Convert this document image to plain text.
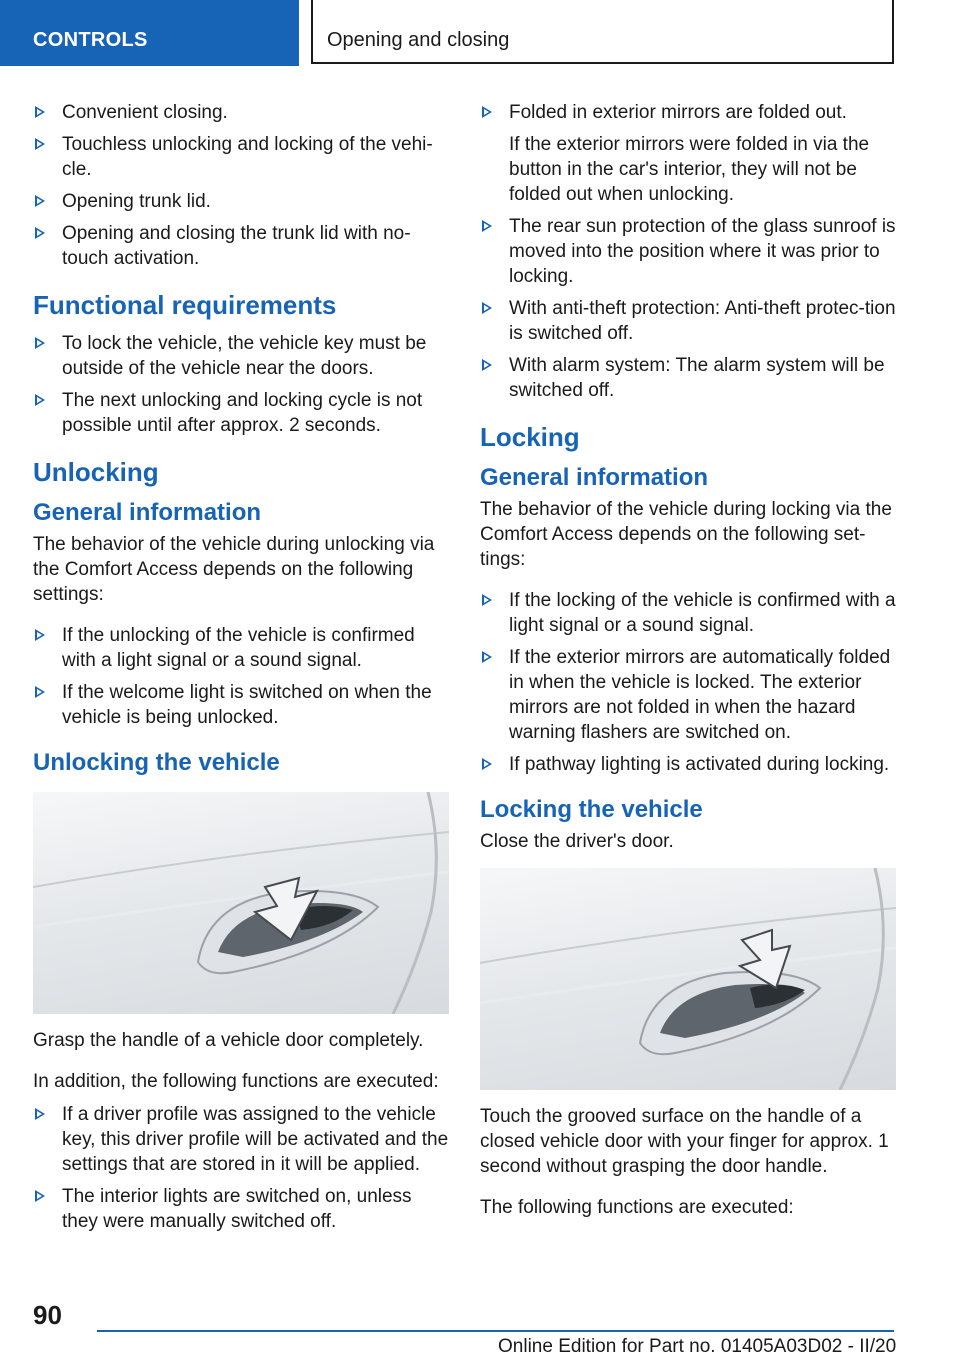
CONTROLS	Opening and closing
Convenient closing.
Touchless unlocking and locking of the vehi-cle.
Opening trunk lid.
Opening and closing the trunk lid with no-touch activation.
Functional requirements
To lock the vehicle, the vehicle key must be outside of the vehicle near the doors.
The next unlocking and locking cycle is not possible until after approx. 2 seconds.
Unlocking
General information

The behavior of the vehicle during unlocking via the Comfort Access depends on the following settings:

If the unlocking of the vehicle is confirmed with a light signal or a sound signal.
If the welcome light is switched on when the vehicle is being unlocked.
Unlocking the vehicle

Grasp the handle of a vehicle door completely.

In addition, the following functions are executed:

If a driver profile was assigned to the vehicle key, this driver profile will be activated and the settings that are stored in it will be applied.
The interior lights are switched on, unless they were manually switched off.
Folded in exterior mirrors are folded out.
If the exterior mirrors were folded in via the button in the car's interior, they will not be folded out when unlocking.
The rear sun protection of the glass sunroof is moved into the position where it was prior to locking.
With anti-theft protection: Anti-theft protec-tion is switched off.
With alarm system: The alarm system will be switched off.
Locking
General information

The behavior of the vehicle during locking via the Comfort Access depends on the following set-tings:

If the locking of the vehicle is confirmed with a light signal or a sound signal.
If the exterior mirrors are automatically folded in when the vehicle is locked. The exterior mirrors are not folded in when the hazard warning flashers are switched on.
If pathway lighting is activated during locking.
Locking the vehicle

Close the driver's door.

Touch the grooved surface on the handle of a closed vehicle door with your finger for approx. 1 second without grasping the door handle.

The following functions are executed:

90
Online Edition for Part no. 01405A03D02 - II/20
